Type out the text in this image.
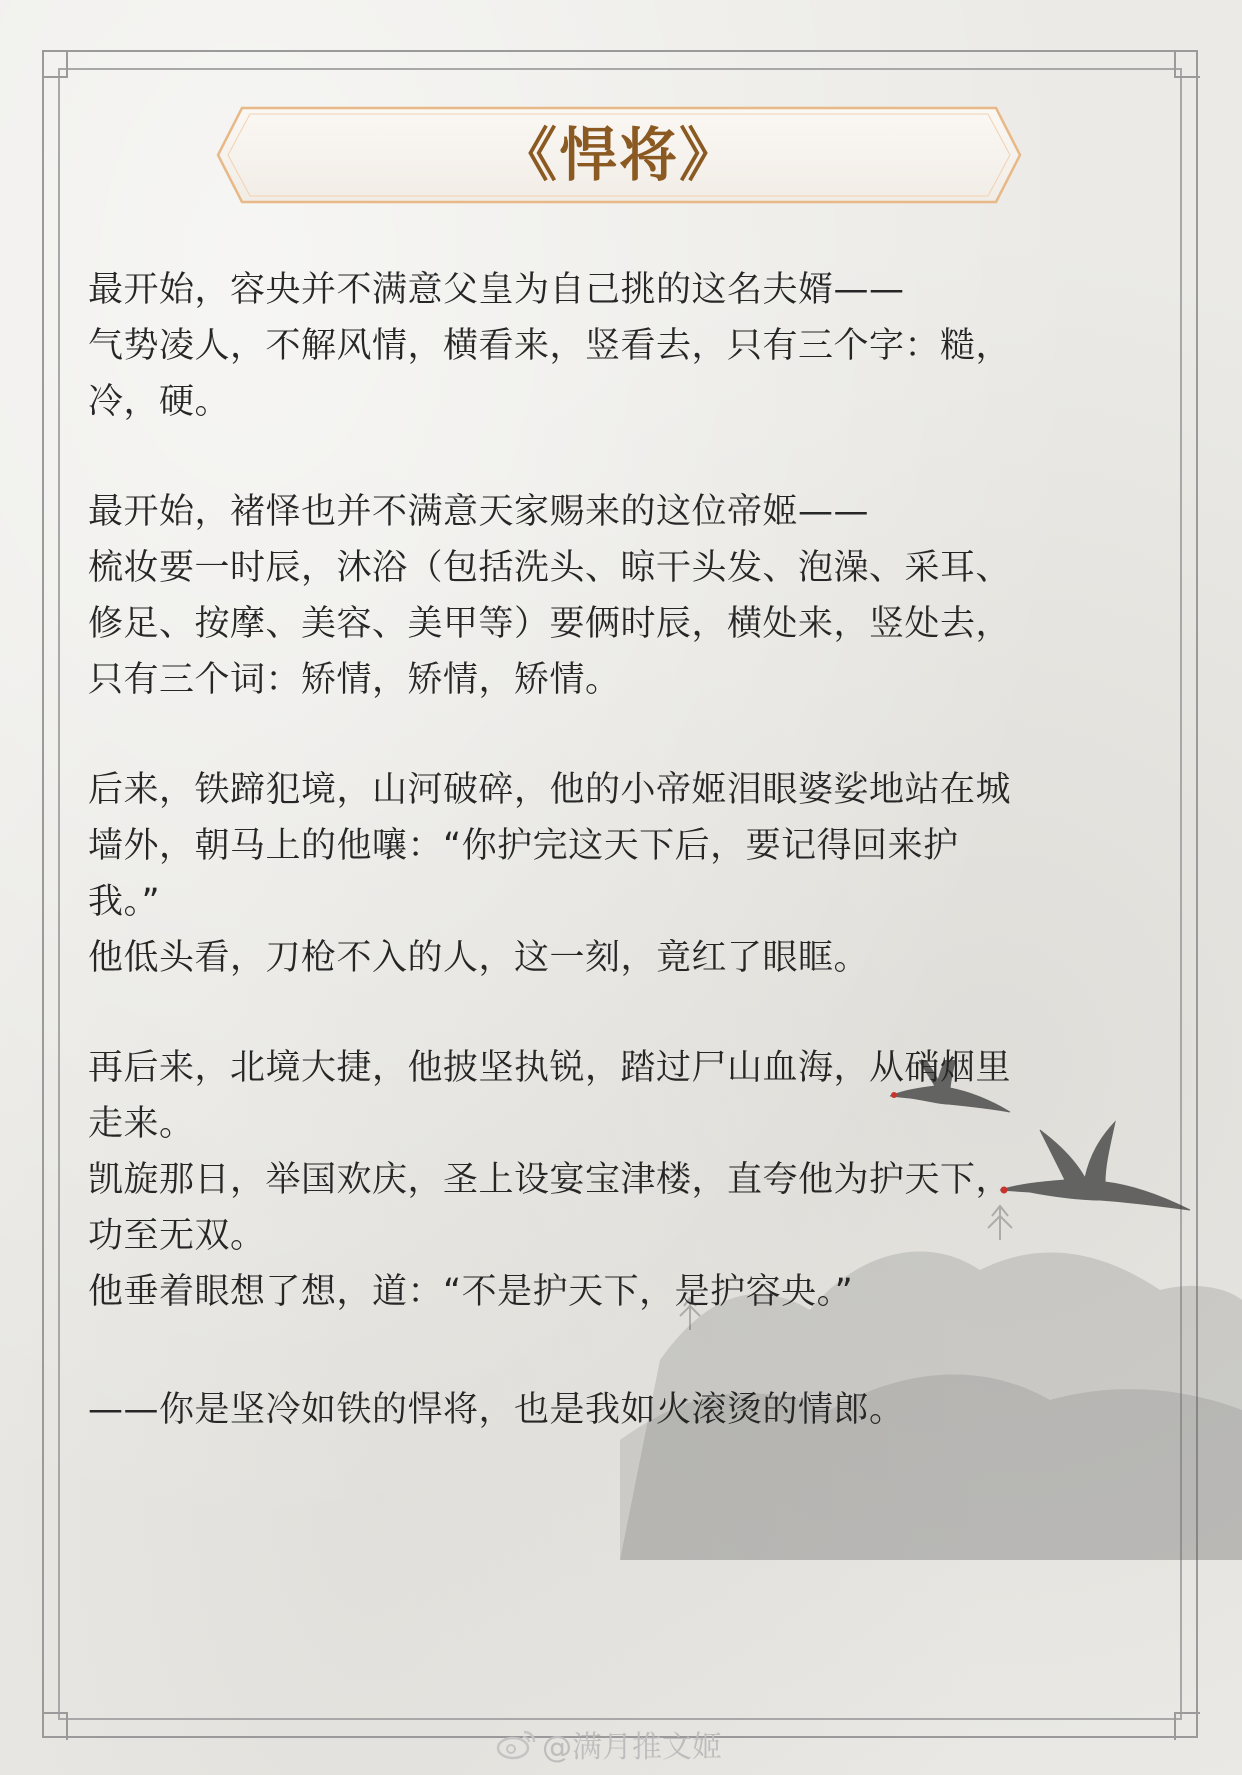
《悍将》
最开始，容央并不满意父皇为自己挑的这名夫婿——
气势凌人，不解风情，横看来，竖看去，只有三个字：糙，
冷，硬。
最开始，褚怿也并不满意天家赐来的这位帝姬——
梳妆要一时辰，沐浴（包括洗头、晾干头发、泡澡、采耳、
修足、按摩、美容、美甲等）要俩时辰，横处来，竖处去，
只有三个词：矫情，矫情，矫情。
后来，铁蹄犯境，山河破碎，他的小帝姬泪眼婆娑地站在城
墙外，朝马上的他嚷：“你护完这天下后，要记得回来护
我。”
他低头看，刀枪不入的人，这一刻，竟红了眼眶。
再后来，北境大捷，他披坚执锐，踏过尸山血海，从硝烟里
走来。
凯旋那日，举国欢庆，圣上设宴宝津楼，直夸他为护天下，
功至无双。
他垂着眼想了想，道：“不是护天下，是护容央。”
——你是坚冷如铁的悍将，也是我如火滚烫的情郎。
@满月推文姬
